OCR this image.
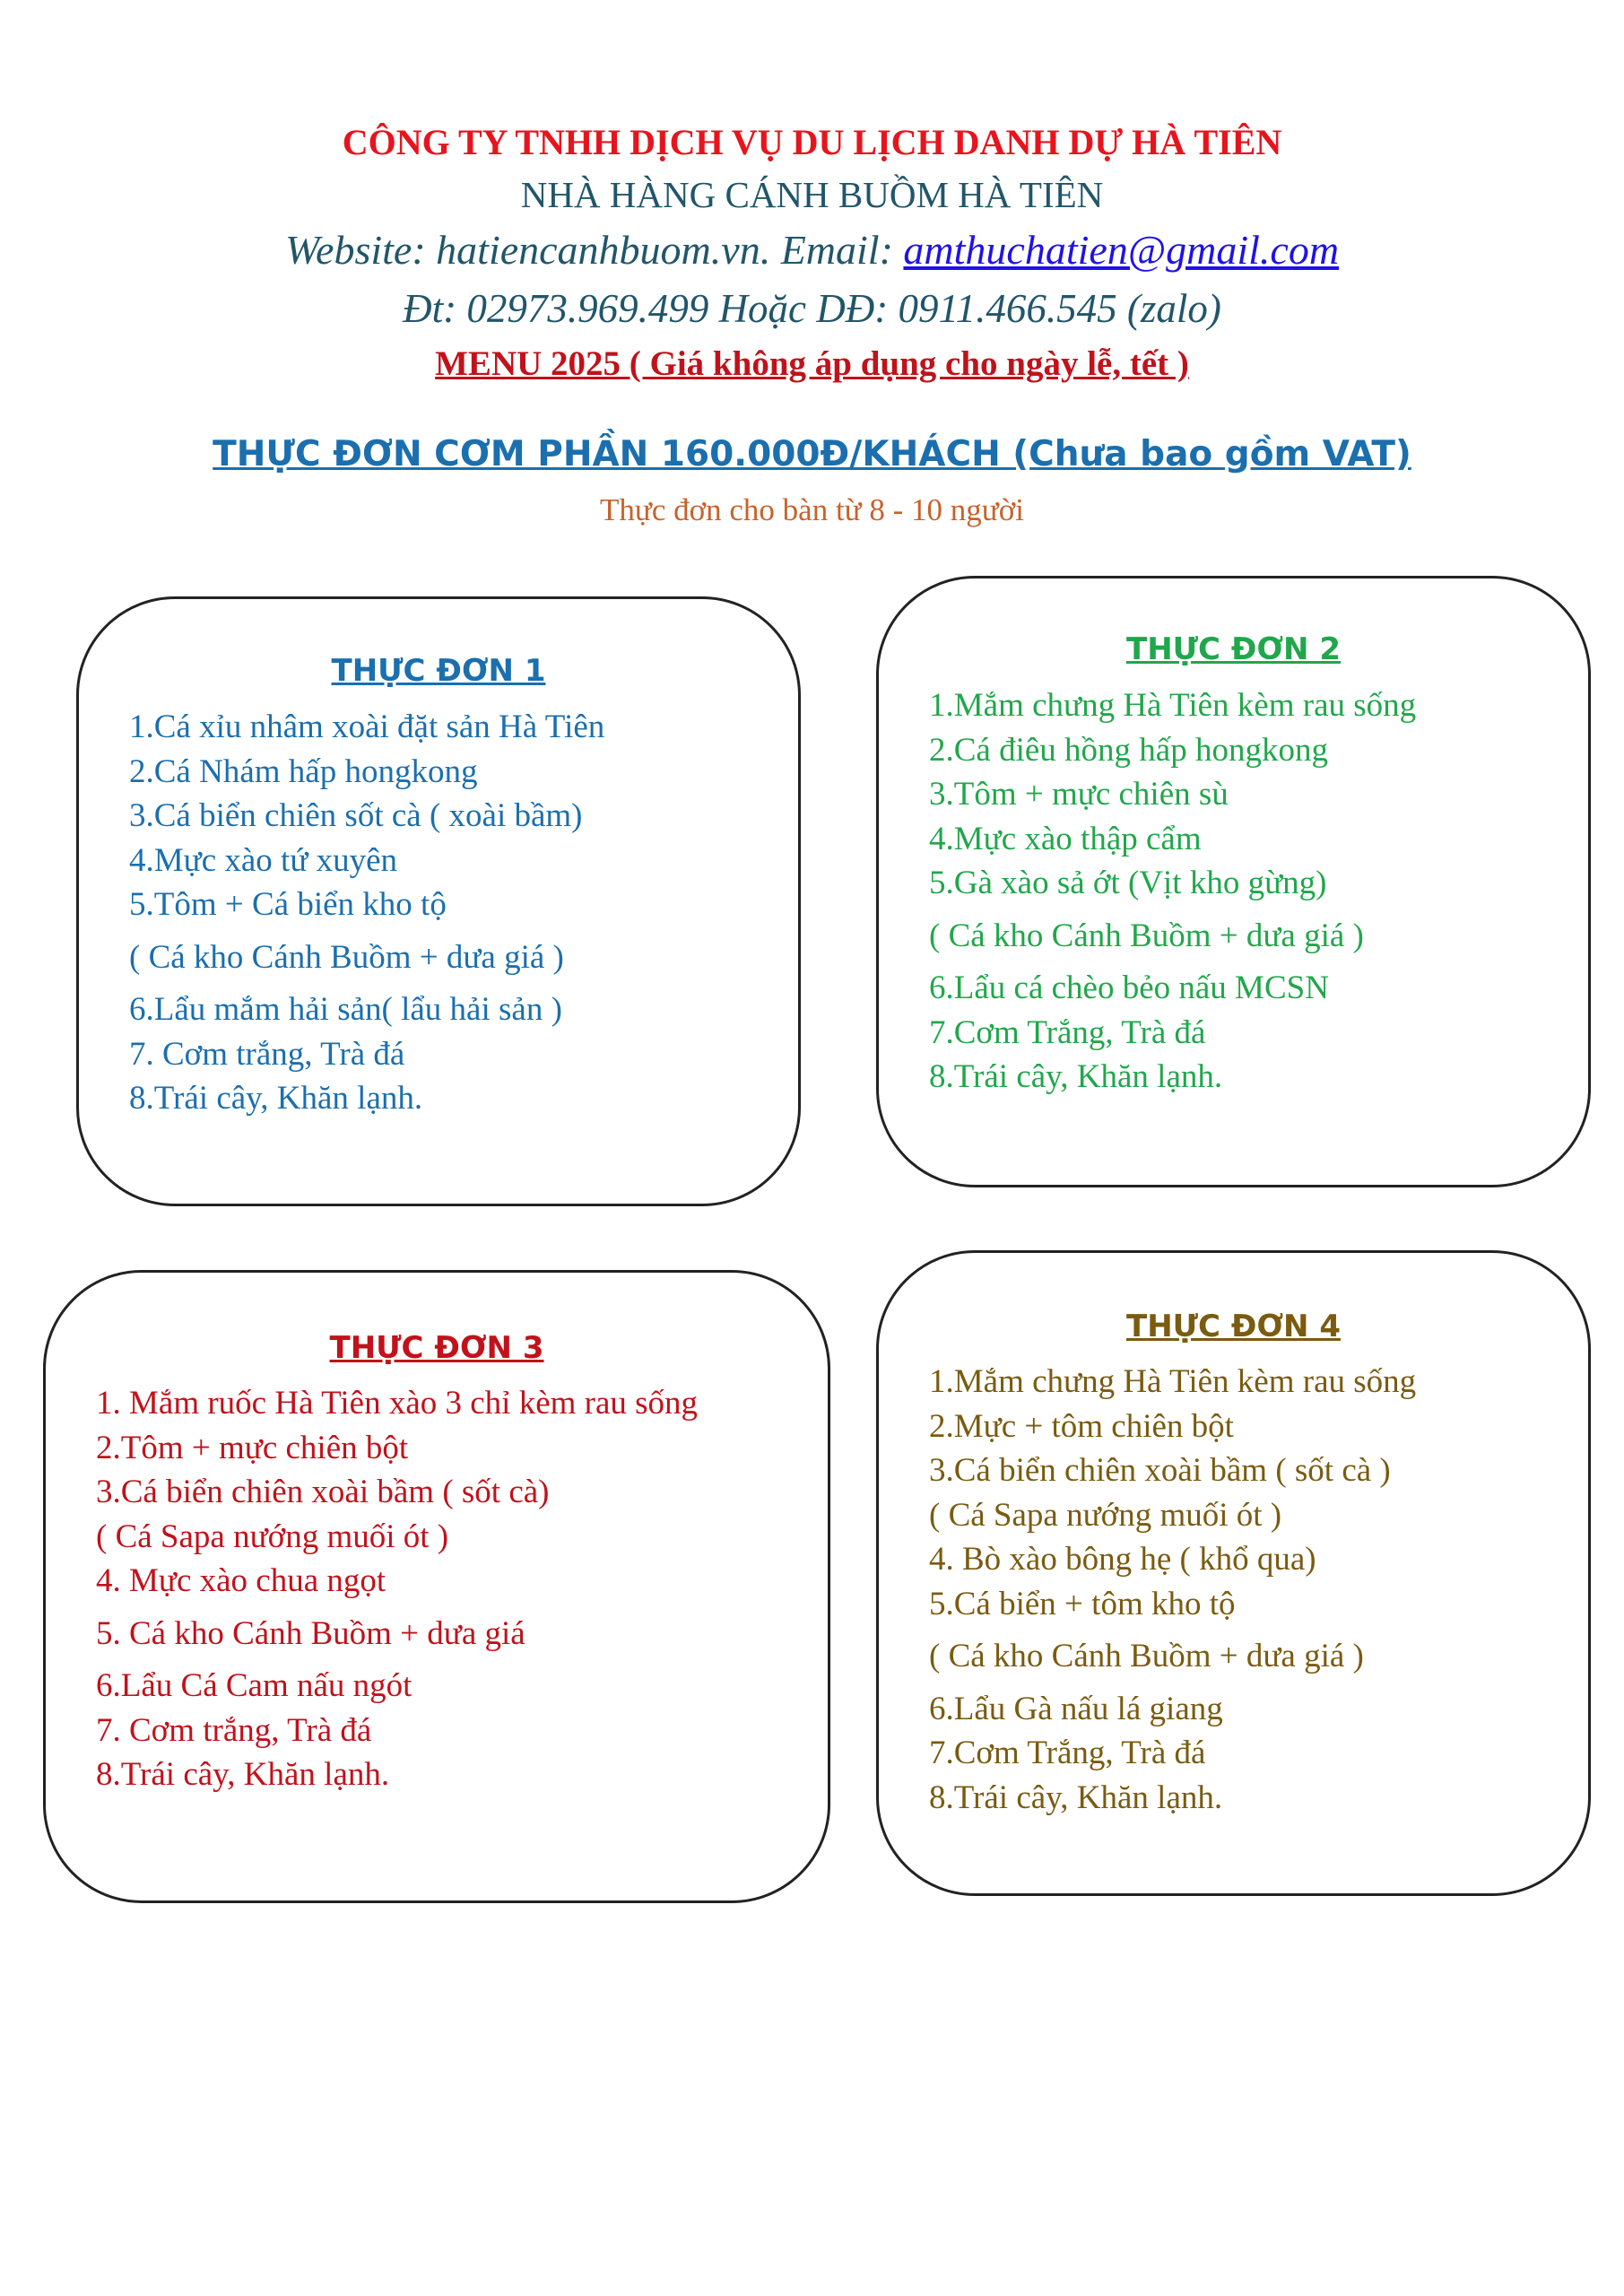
CÔNG TY TNHH DỊCH VỤ DU LỊCH DANH DỰ HÀ TIÊN

NHÀ HÀNG CÁNH BUỒM HÀ TIÊN

Website: hatiencanhbuom.vn. Email: amthuchatien@gmail.com

Đt: 02973.969.499 Hoặc DĐ: 0911.466.545 (zalo)

MENU 2025 ( Giá không áp dụng cho ngày lễ, tết )

THỰC ĐƠN CƠM PHẦN 160.000Đ/KHÁCH (Chưa bao gồm VAT)

Thực đơn cho bàn từ 8 - 10 người

THỰC ĐƠN 1

1.Cá xỉu nhâm xoài đặt sản Hà Tiên
2.Cá Nhám hấp hongkong
3.Cá biển chiên sốt cà ( xoài bầm)
4.Mực xào tứ xuyên
5.Tôm + Cá biển kho tộ
( Cá kho Cánh Buồm + dưa giá )
6.Lẩu mắm hải sản( lẩu hải sản )
7. Cơm trắng, Trà đá
8.Trái cây, Khăn lạnh.

THỰC ĐƠN 2

1.Mắm chưng Hà Tiên kèm rau sống
2.Cá điêu hồng hấp hongkong
3.Tôm + mực chiên sù
4.Mực xào thập cẩm
5.Gà xào sả ớt (Vịt kho gừng)
( Cá kho Cánh Buồm + dưa giá )
6.Lẩu cá chèo bẻo nấu MCSN
7.Cơm Trắng, Trà đá
8.Trái cây, Khăn lạnh.

THỰC ĐƠN 3

1. Mắm ruốc Hà Tiên xào 3 chỉ kèm rau sống
2.Tôm + mực chiên bột
3.Cá biển chiên xoài bầm ( sốt cà)
( Cá Sapa nướng muối ót )
4. Mực xào chua ngọt
5. Cá kho Cánh Buồm + dưa giá
6.Lẩu Cá Cam nấu ngót
7. Cơm trắng, Trà đá
8.Trái cây, Khăn lạnh.

THỰC ĐƠN 4

1.Mắm chưng Hà Tiên kèm rau sống
2.Mực + tôm chiên bột
3.Cá biển chiên xoài bầm ( sốt cà )
( Cá Sapa nướng muối ót )
4. Bò xào bông hẹ ( khổ qua)
5.Cá biển + tôm kho tộ
( Cá kho Cánh Buồm + dưa giá )
6.Lẩu Gà nấu lá giang
7.Cơm Trắng, Trà đá
8.Trái cây, Khăn lạnh.
